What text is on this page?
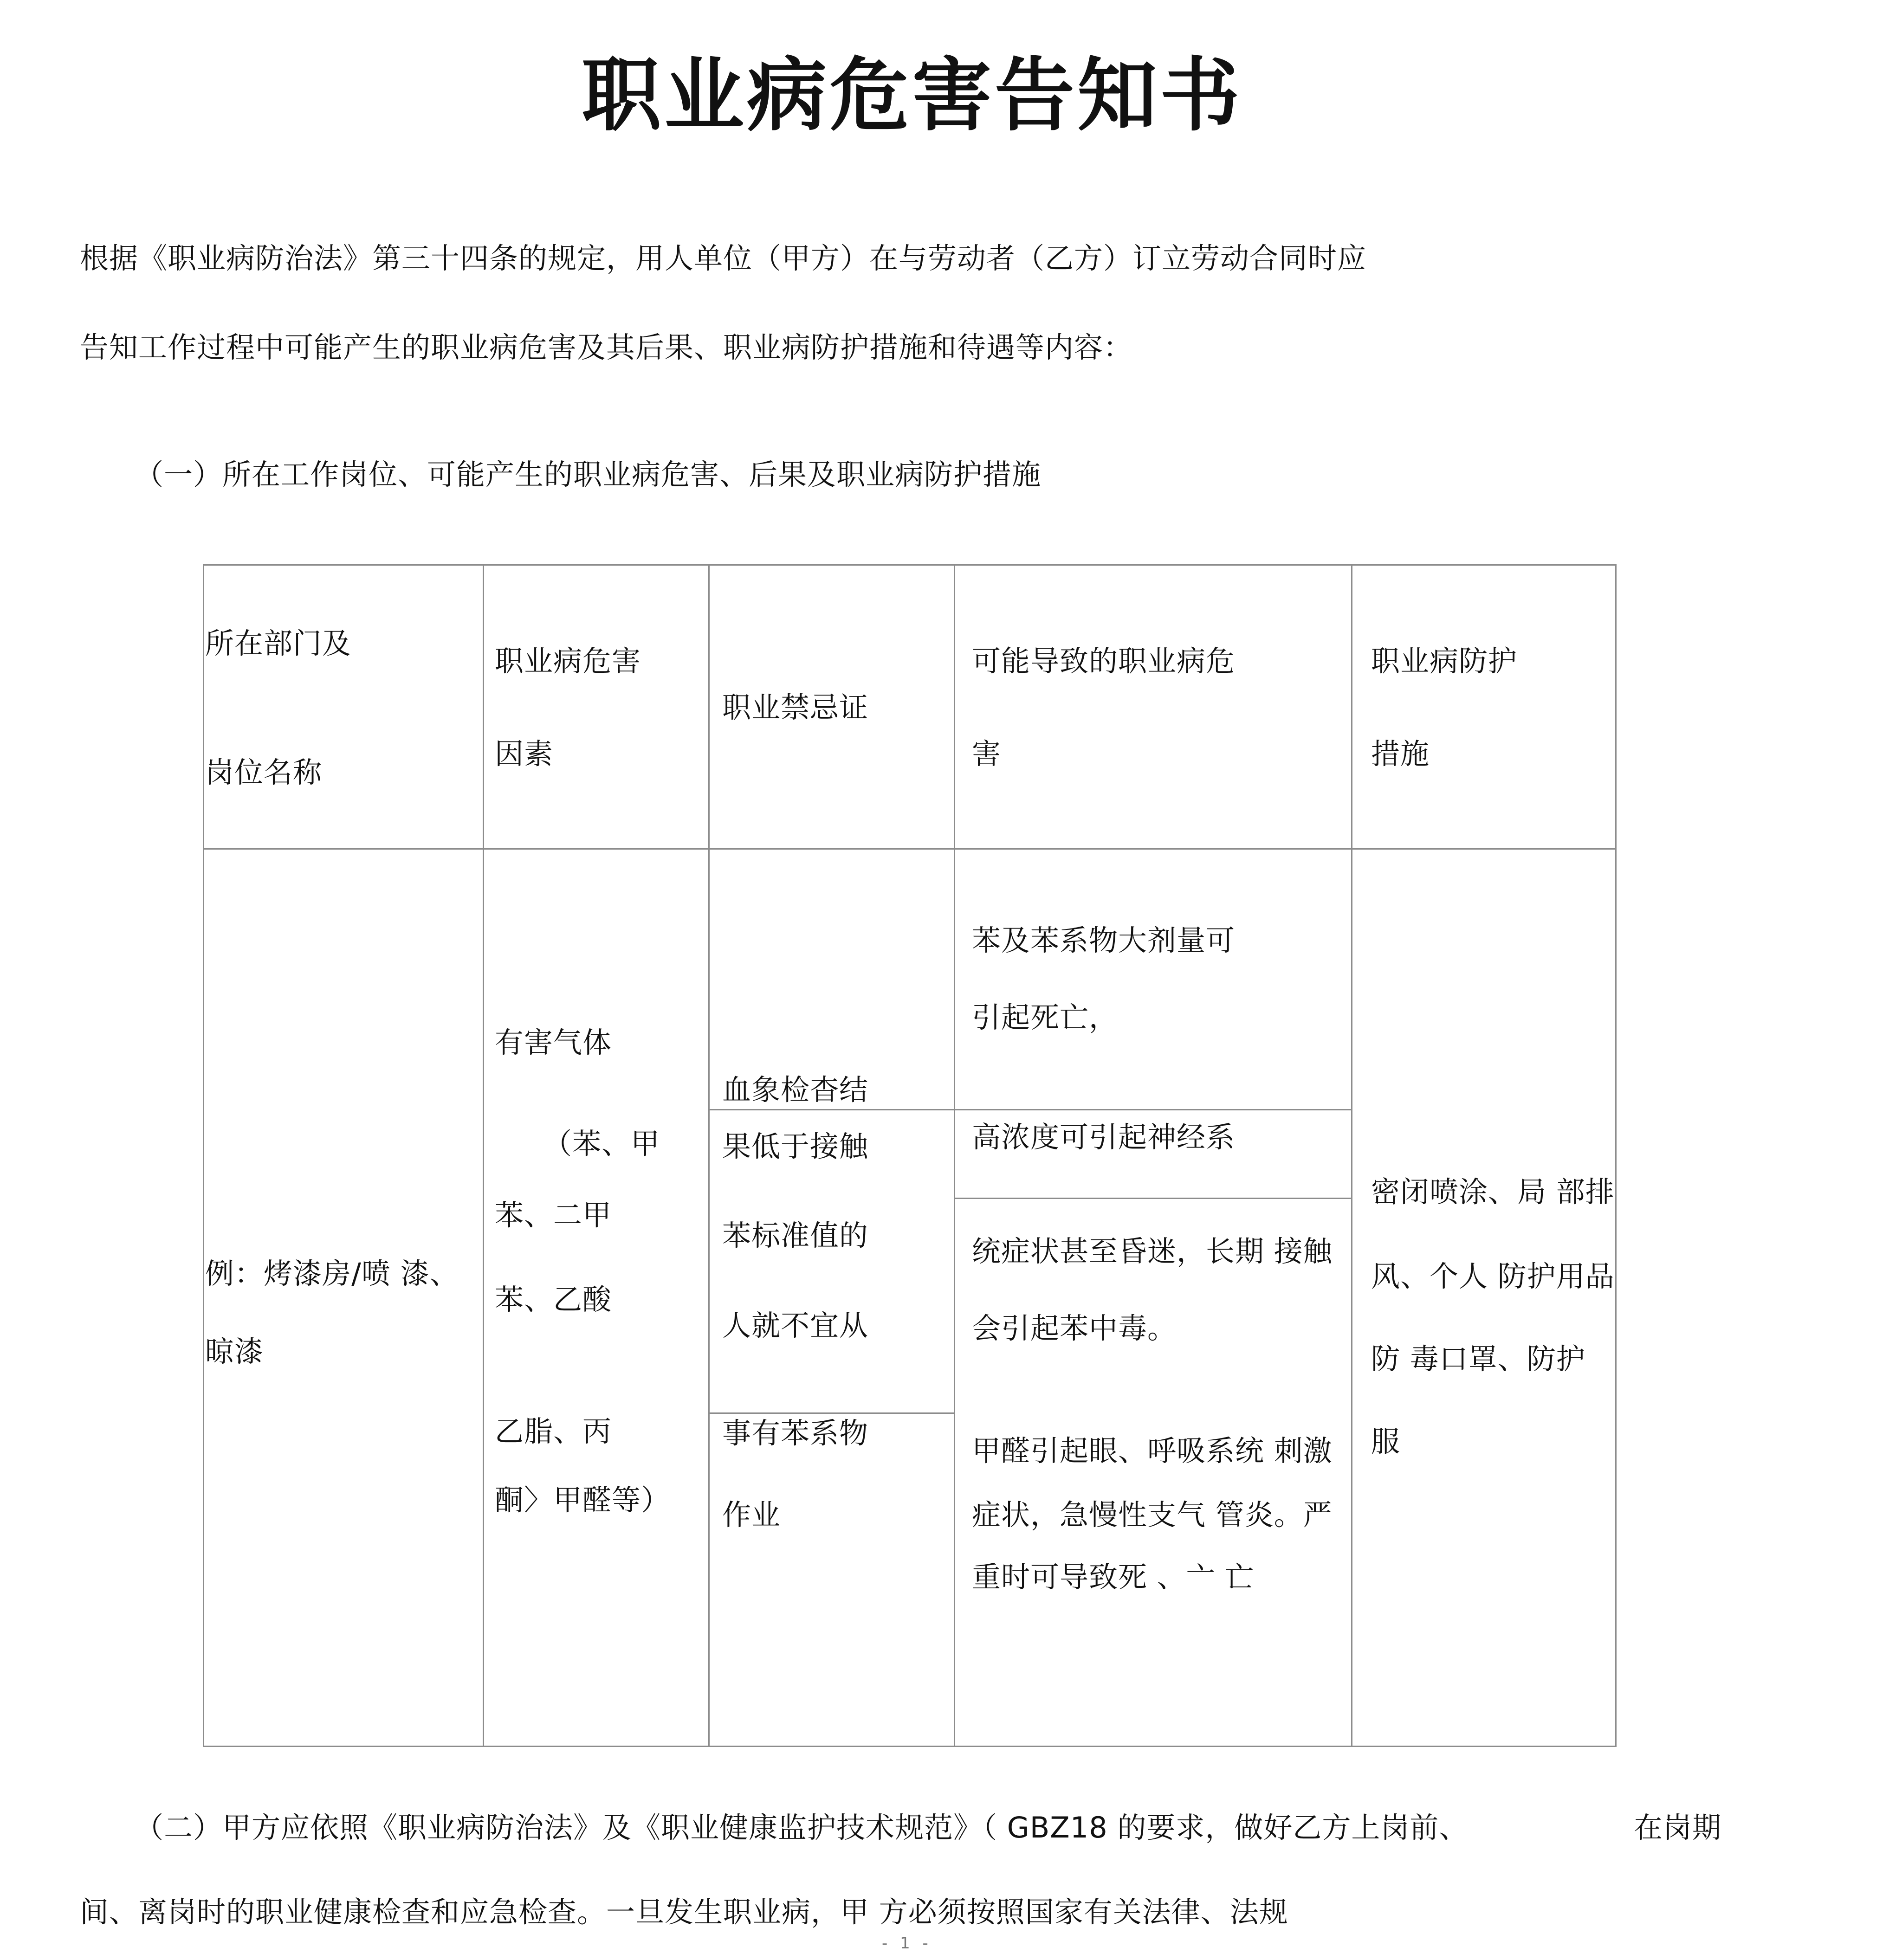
职业病危害告知书
根据《职业病防治法》第三十四条的规定，用人单位（甲方）在与劳动者（乙方）订立劳动合同时应
告知工作过程中可能产生的职业病危害及其后果、职业病防护措施和待遇等内容：
（一）所在工作岗位、可能产生的职业病危害、后果及职业病防护措施
所在部门及
岗位名称
职业病危害
因素
职业禁忌证
可能导致的职业病危
害
职业病防护
措施
例：烤漆房/喷 漆、
晾漆
有害气体
（苯、甲
苯、二甲
苯、乙酸
乙脂、丙
酮〉甲醛等）
血象检杳结
果低于接触
苯标准值的
人就不宜从
事有苯系物
作业
苯及苯系物大剂量可
引起死亡，
高浓度可引起神经系
统症状甚至昏迷，长期 接触
会引起苯中毒。
甲醛引起眼、呼吸系统 刺激
症状，急慢性支气 管炎。严
重时可导致死 、亠 亡
密闭喷涂、局 部排
风、个人 防护用品
防 毒口罩、防护
服
（二）甲方应依照《职业病防治法》及《职业健康监护技术规范》（ GBZ18 的要求，做好乙方上岗前、	在岗期
间、离岗时的职业健康检查和应急检查。一旦发生职业病，甲 方必须按照国家有关法律、法规
- 1 -
